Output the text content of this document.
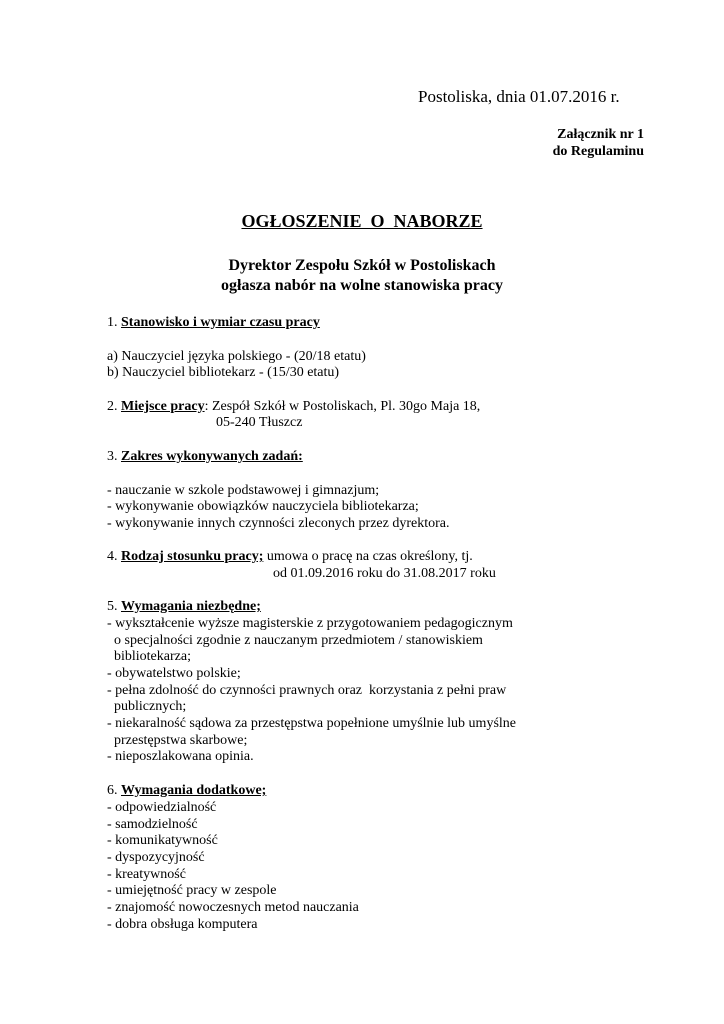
Postoliska, dnia 01.07.2016 r.
Załącznik nr 1
do Regulaminu
OGŁOSZENIE  O  NABORZE
Dyrektor Zespołu Szkół w Postoliskach
ogłasza nabór na wolne stanowiska pracy
1. Stanowisko i wymiar czasu pracy
a) Nauczyciel języka polskiego - (20/18 etatu)
b) Nauczyciel bibliotekarz - (15/30 etatu)
2. Miejsce pracy: Zespół Szkół w Postoliskach, Pl. 30go Maja 18,
05-240 Tłuszcz
3. Zakres wykonywanych zadań:
- nauczanie w szkole podstawowej i gimnazjum;
- wykonywanie obowiązków nauczyciela bibliotekarza;
- wykonywanie innych czynności zleconych przez dyrektora.
4. Rodzaj stosunku pracy; umowa o pracę na czas określony, tj.
od 01.09.2016 roku do 31.08.2017 roku
5. Wymagania niezbędne;
- wykształcenie wyższe magisterskie z przygotowaniem pedagogicznym
o specjalności zgodnie z nauczanym przedmiotem / stanowiskiem
bibliotekarza;
- obywatelstwo polskie;
- pełna zdolność do czynności prawnych oraz  korzystania z pełni praw
publicznych;
- niekaralność sądowa za przestępstwa popełnione umyślnie lub umyślne
przestępstwa skarbowe;
- nieposzlakowana opinia.
6. Wymagania dodatkowe;
- odpowiedzialność
- samodzielność
- komunikatywność
- dyspozycyjność
- kreatywność
- umiejętność pracy w zespole
- znajomość nowoczesnych metod nauczania
- dobra obsługa komputera
